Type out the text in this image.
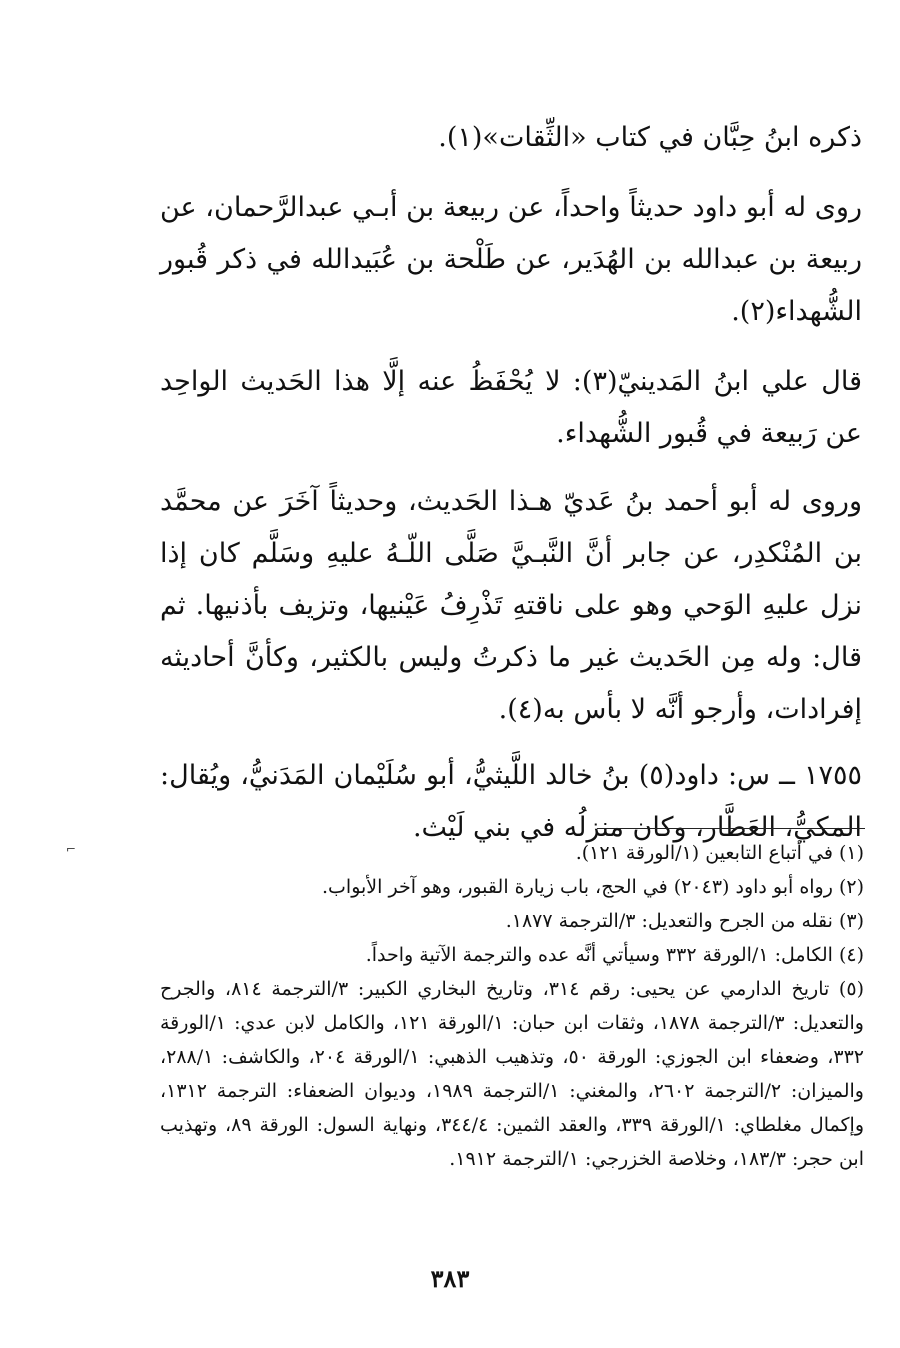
ذكره ابنُ حِبَّان في كتاب «الثِّقات»(١).

روى له أبو داود حديثاً واحداً، عن ربيعة بن أبـي عبدالرَّحمان، عن ربيعة بن عبدالله بن الهُدَير، عن طَلْحة بن عُبَيدالله في ذكر قُبور الشُّهداء(٢).

قال علي ابنُ المَدينيّ(٣): لا يُحْفَظُ عنه إلَّا هذا الحَديث الواحِد عن رَبيعة في قُبور الشُّهداء.

وروى له أبو أحمد بنُ عَديّ هـذا الحَديث، وحديثاً آخَرَ عن محمَّد بن المُنْكدِر، عن جابر أنَّ النَّبـيَّ صَلَّى اللّـهُ عليهِ وسَلَّم كان إذا نزل عليهِ الوَحي وهو على ناقتهِ تَذْرِفُ عَيْنيها، وتزيف بأذنيها. ثم قال: وله مِن الحَديث غير ما ذكرتُ وليس بالكثير، وكأنَّ أحاديثه إفرادات، وأرجو أنَّه لا بأس به(٤).

١٧٥٥ ــ س: داود(٥) بنُ خالد اللَّيثيُّ، أبو سُلَيْمان المَدَنيُّ، ويُقال: المكيُّ، العَطَّار، وكان منزلُه في بني لَيْث.

⌐	(١) في أتباع التابعين (١/الورقة ١٢١).

(٢) رواه أبو داود (٢٠٤٣) في الحج، باب زيارة القبور، وهو آخر الأبواب.

(٣) نقله من الجرح والتعديل: ٣/الترجمة ١٨٧٧.

(٤) الكامل: ١/الورقة ٣٣٢ وسيأتي أنَّه عده والترجمة الآتية واحداً.

(٥) تاريخ الدارمي عن يحيى: رقم ٣١٤، وتاريخ البخاري الكبير: ٣/الترجمة ٨١٤، والجرح والتعديل: ٣/الترجمة ١٨٧٨، وثقات ابن حبان: ١/الورقة ١٢١، والكامل لابن عدي: ١/الورقة ٣٣٢، وضعفاء ابن الجوزي: الورقة ٥٠، وتذهيب الذهبي: ١/الورقة ٢٠٤، والكاشف: ٢٨٨/١، والميزان: ٢/الترجمة ٢٦٠٢، والمغني: ١/الترجمة ١٩٨٩، وديوان الضعفاء: الترجمة ١٣١٢، وإكمال مغلطاي: ١/الورقة ٣٣٩، والعقد الثمين: ٣٤٤/٤، ونهاية السول: الورقة ٨٩، وتهذيب ابن حجر: ١٨٣/٣، وخلاصة الخزرجي: ١/الترجمة ١٩١٢.

٣٨٣
